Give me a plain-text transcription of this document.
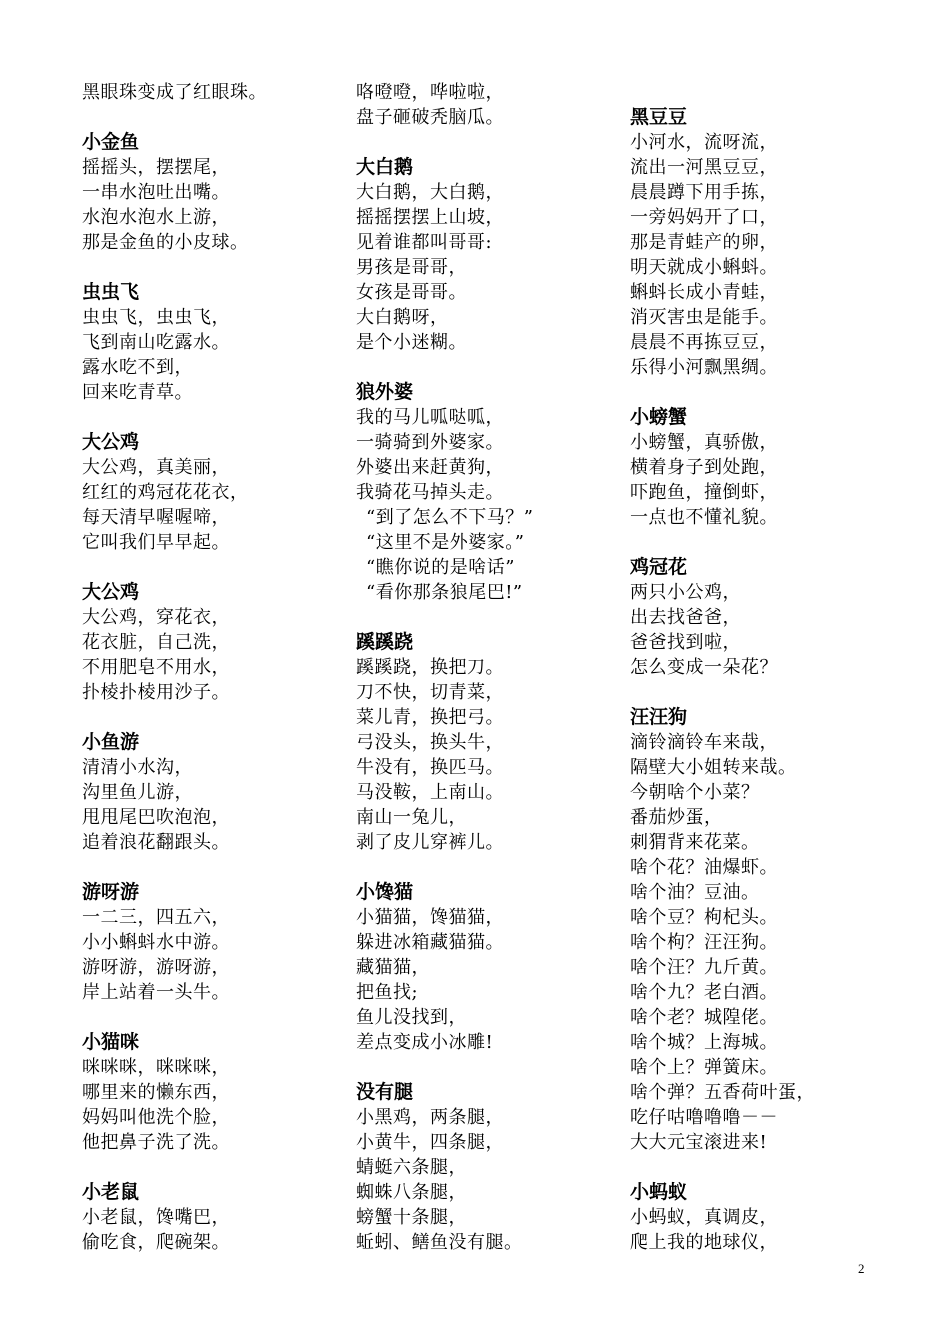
黑眼珠变成了红眼珠。
小金鱼
摇摇头，摆摆尾，
一串水泡吐出嘴。
水泡水泡水上游，
那是金鱼的小皮球。
虫虫飞
虫虫飞，虫虫飞，
飞到南山吃露水。
露水吃不到，
回来吃青草。
大公鸡
大公鸡，真美丽，
红红的鸡冠花花衣，
每天清早喔喔啼，
它叫我们早早起。
大公鸡
大公鸡，穿花衣，
花衣脏，自己洗，
不用肥皂不用水，
扑棱扑棱用沙子。
小鱼游
清清小水沟，
沟里鱼儿游，
甩甩尾巴吹泡泡，
追着浪花翻跟头。
游呀游
一二三，四五六，
小小蝌蚪水中游。
游呀游，游呀游，
岸上站着一头牛。
小猫咪
咪咪咪，咪咪咪，
哪里来的懒东西，
妈妈叫他洗个脸，
他把鼻子洗了洗。
小老鼠
小老鼠，馋嘴巴，
偷吃食，爬碗架。
咯噔噔，哗啦啦，
盘子砸破秃脑瓜。
大白鹅
大白鹅，大白鹅，
摇摇摆摆上山坡，
见着谁都叫哥哥:
男孩是哥哥，
女孩是哥哥。
大白鹅呀，
是个小迷糊。
狼外婆
我的马儿呱哒呱，
一骑骑到外婆家。
外婆出来赶黄狗，
我骑花马掉头走。
“到了怎么不下马？”
“这里不是外婆家。”
“瞧你说的是啥话”
“看你那条狼尾巴!”
蹊蹊跷
蹊蹊跷，换把刀。
刀不快，切青菜，
菜儿青，换把弓。
弓没头，换头牛，
牛没有，换匹马。
马没鞍，上南山。
南山一兔儿，
剥了皮儿穿裤儿。
小馋猫
小猫猫，馋猫猫，
躲进冰箱藏猫猫。
藏猫猫，
把鱼找;
鱼儿没找到，
差点变成小冰雕!
没有腿
小黑鸡，两条腿，
小黄牛，四条腿，
蜻蜓六条腿，
蜘蛛八条腿，
螃蟹十条腿，
蚯蚓、鳝鱼没有腿。
黑豆豆
小河水，流呀流，
流出一河黑豆豆，
晨晨蹲下用手拣，
一旁妈妈开了口，
那是青蛙产的卵，
明天就成小蝌蚪。
蝌蚪长成小青蛙，
消灭害虫是能手。
晨晨不再拣豆豆，
乐得小河飘黑绸。
小螃蟹
小螃蟹，真骄傲，
横着身子到处跑，
吓跑鱼，撞倒虾，
一点也不懂礼貌。
鸡冠花
两只小公鸡，
出去找爸爸，
爸爸找到啦，
怎么变成一朵花？
汪汪狗
滴铃滴铃车来哉，
隔壁大小姐转来哉。
今朝啥个小菜？
番茄炒蛋，
刺猬背来花菜。
啥个花？油爆虾。
啥个油？豆油。
啥个豆？枸杞头。
啥个枸？汪汪狗。
啥个汪？九斤黄。
啥个九？老白酒。
啥个老？城隍佬。
啥个城？上海城。
啥个上？弹簧床。
啥个弹？五香荷叶蛋，
吃仔咕噜噜噜－－
大大元宝滚进来!
小蚂蚁
小蚂蚁，真调皮，
爬上我的地球仪，
2
